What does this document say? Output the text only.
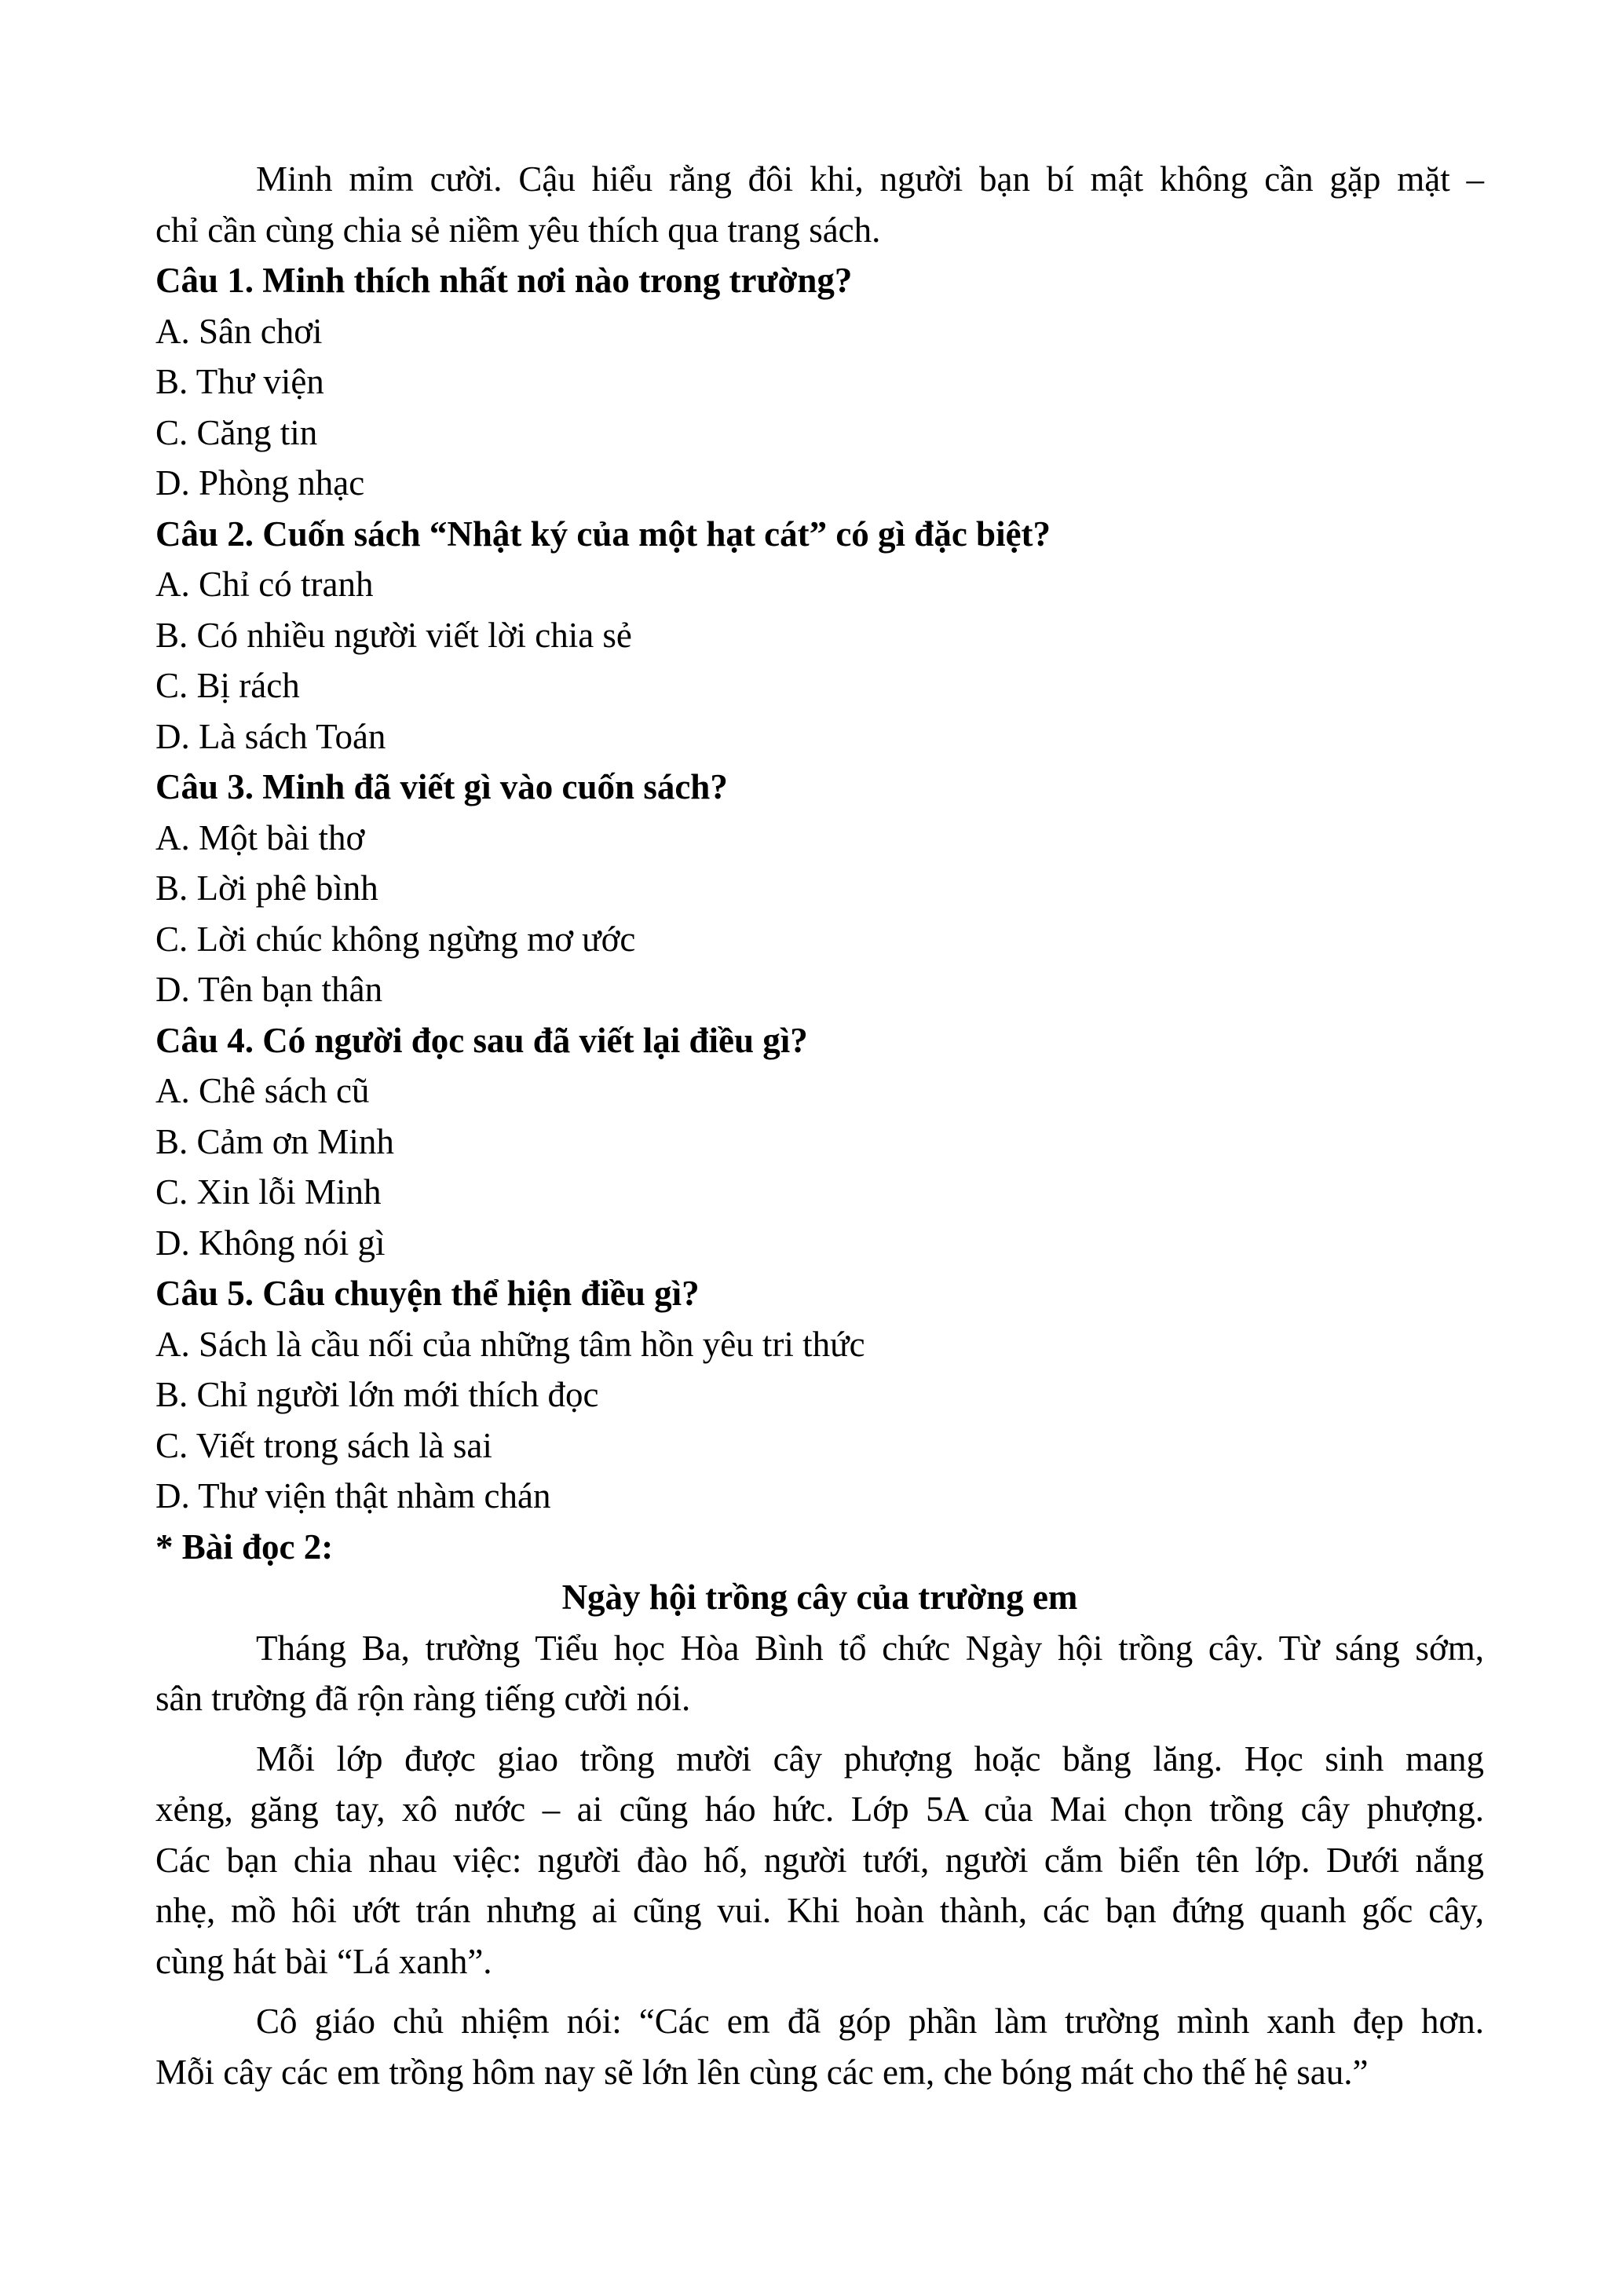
Minh mỉm cười. Cậu hiểu rằng đôi khi, người bạn bí mật không cần gặp mặt –
chỉ cần cùng chia sẻ niềm yêu thích qua trang sách.
Câu 1. Minh thích nhất nơi nào trong trường?
A. Sân chơi
B. Thư viện
C. Căng tin
D. Phòng nhạc
Câu 2. Cuốn sách “Nhật ký của một hạt cát” có gì đặc biệt?
A. Chỉ có tranh
B. Có nhiều người viết lời chia sẻ
C. Bị rách
D. Là sách Toán
Câu 3. Minh đã viết gì vào cuốn sách?
A. Một bài thơ
B. Lời phê bình
C. Lời chúc không ngừng mơ ước
D. Tên bạn thân
Câu 4. Có người đọc sau đã viết lại điều gì?
A. Chê sách cũ
B. Cảm ơn Minh
C. Xin lỗi Minh
D. Không nói gì
Câu 5. Câu chuyện thể hiện điều gì?
A. Sách là cầu nối của những tâm hồn yêu tri thức
B. Chỉ người lớn mới thích đọc
C. Viết trong sách là sai
D. Thư viện thật nhàm chán
* Bài đọc 2:
Ngày hội trồng cây của trường em
Tháng Ba, trường Tiểu học Hòa Bình tổ chức Ngày hội trồng cây. Từ sáng sớm,
sân trường đã rộn ràng tiếng cười nói.
Mỗi lớp được giao trồng mười cây phượng hoặc bằng lăng. Học sinh mang
xẻng, găng tay, xô nước – ai cũng háo hức. Lớp 5A của Mai chọn trồng cây phượng.
Các bạn chia nhau việc: người đào hố, người tưới, người cắm biển tên lớp. Dưới nắng
nhẹ, mồ hôi ướt trán nhưng ai cũng vui. Khi hoàn thành, các bạn đứng quanh gốc cây,
cùng hát bài “Lá xanh”.
Cô giáo chủ nhiệm nói: “Các em đã góp phần làm trường mình xanh đẹp hơn.
Mỗi cây các em trồng hôm nay sẽ lớn lên cùng các em, che bóng mát cho thế hệ sau.”
